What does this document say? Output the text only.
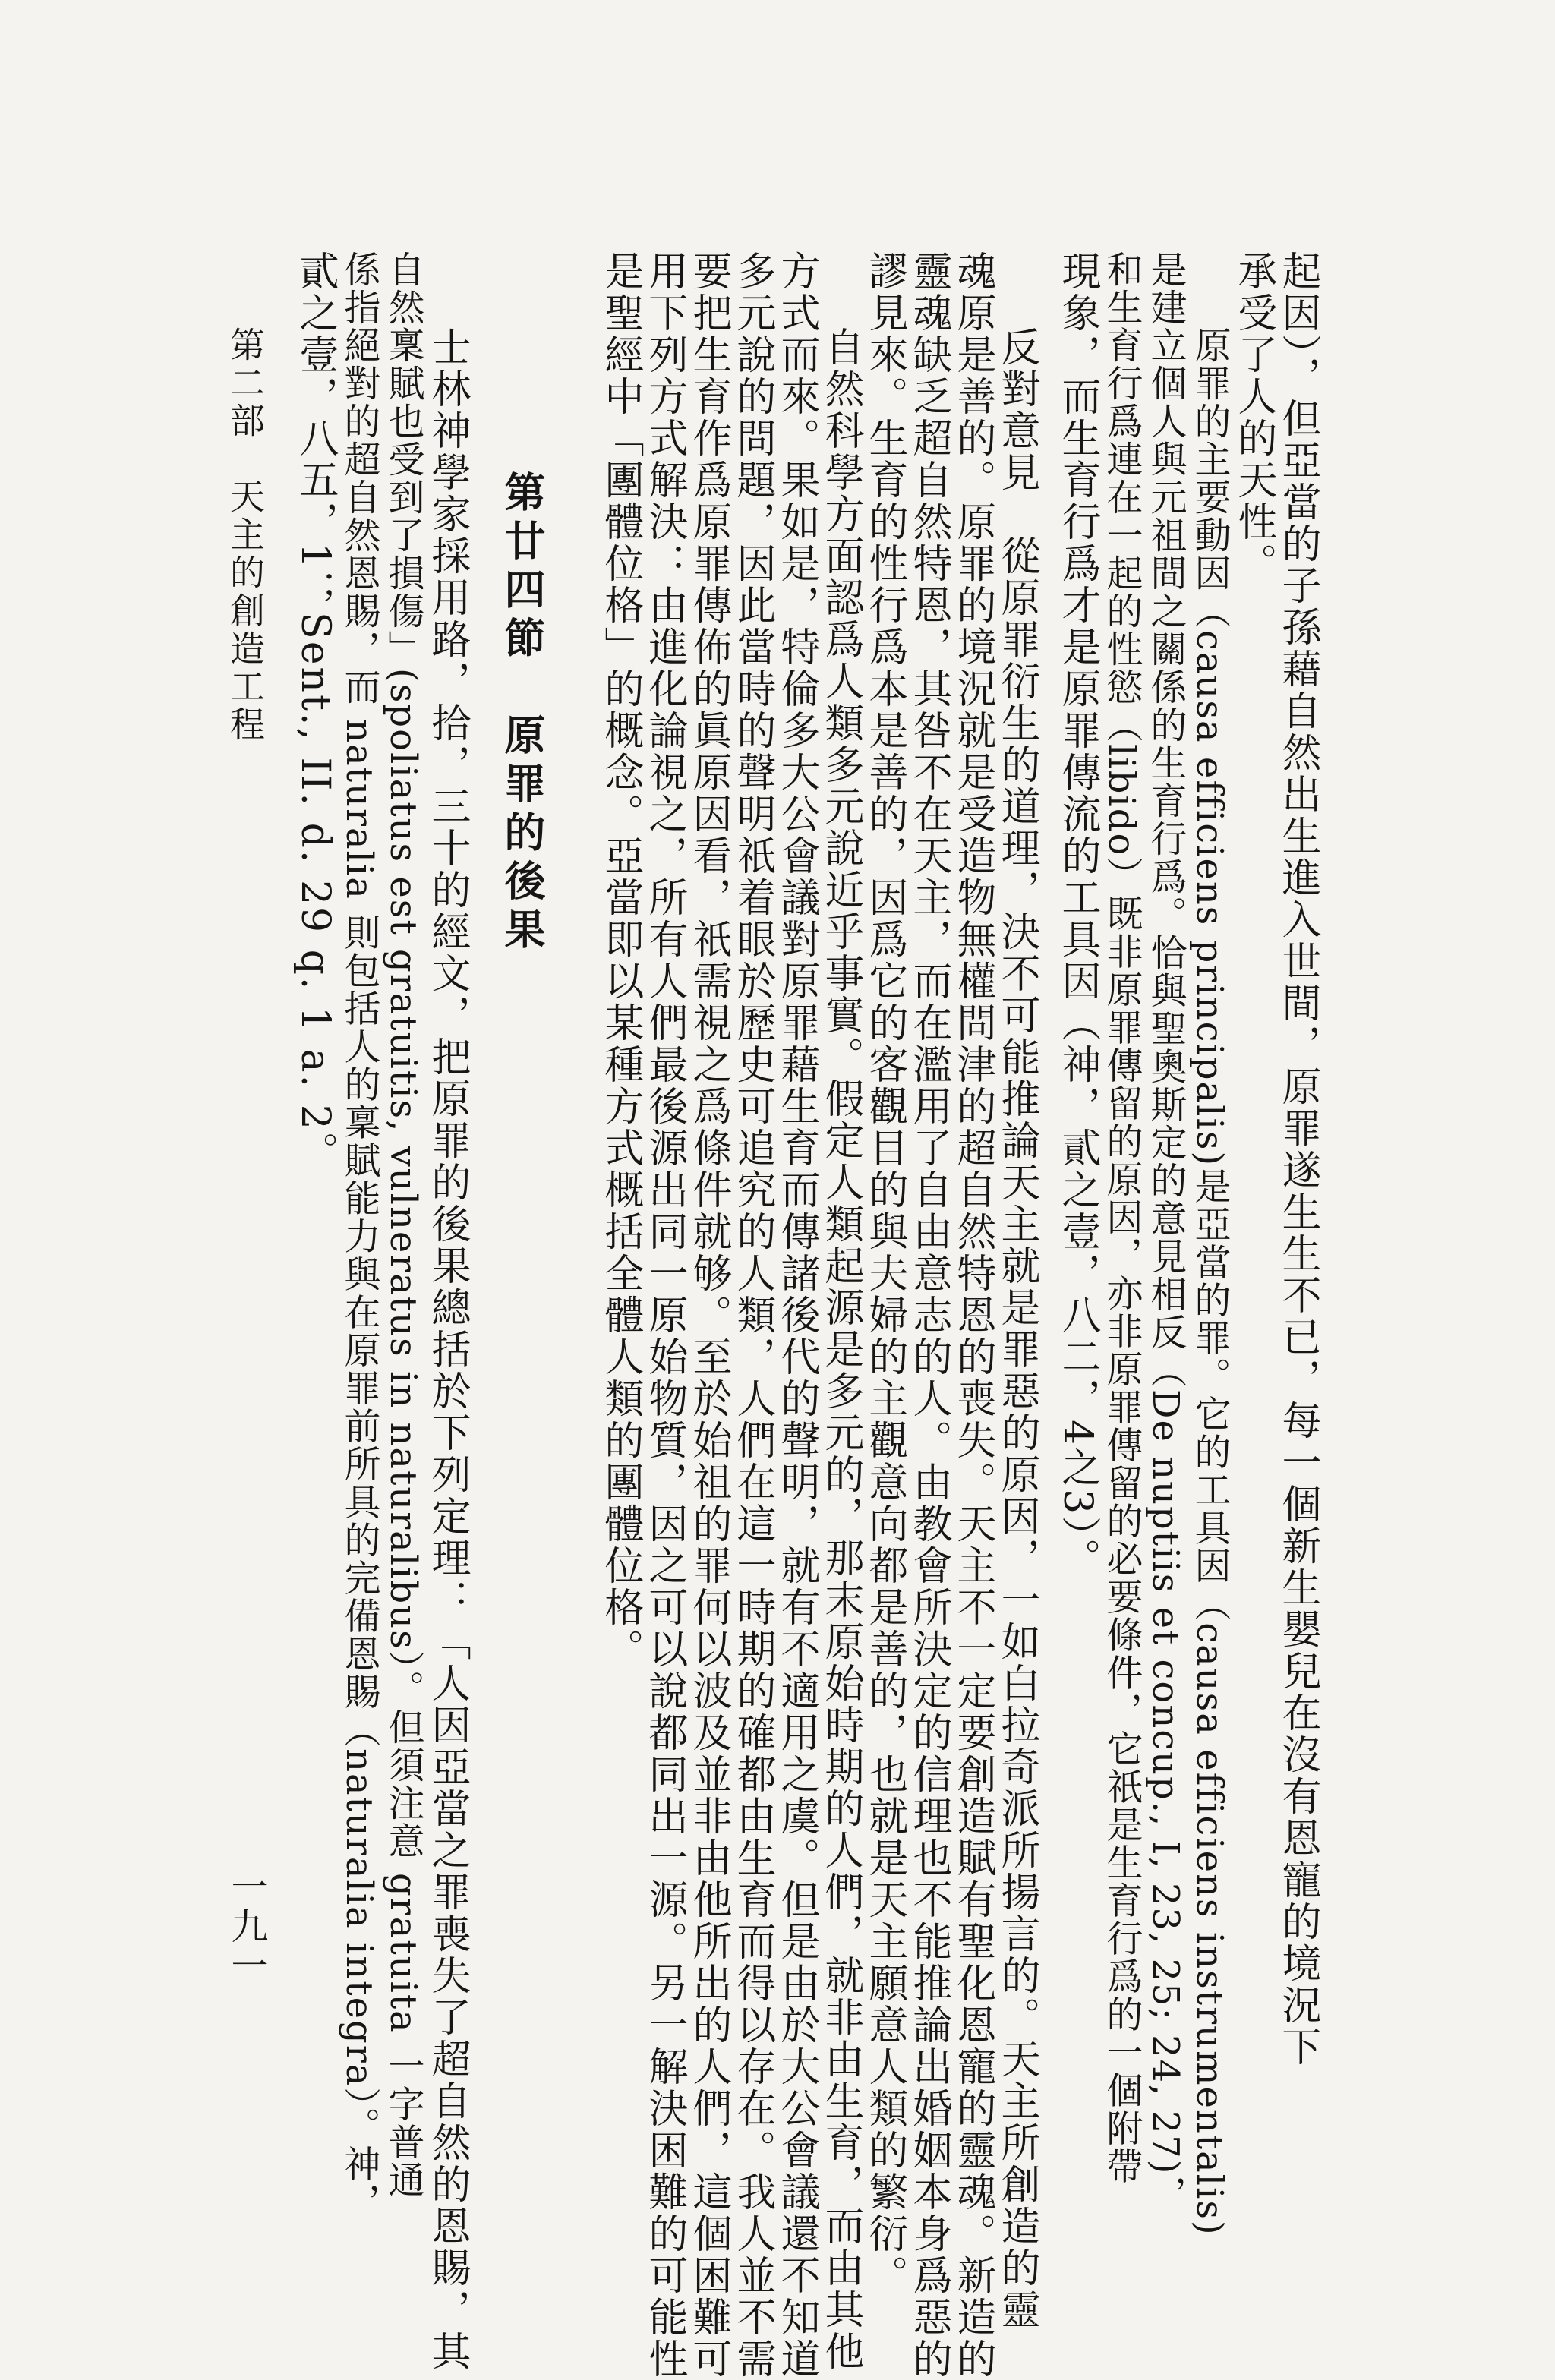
起因），但亞當的子孫藉自然出生進入世間，原罪遂生生不已，每一個新生嬰兒在沒有恩寵的境況下
承受了人的天性。
原罪的主要動因（causa efficiens principalis)是亞當的罪。它的工具因（causa efficiens instrumentalis)
是建立個人與元祖間之關係的生育行爲。恰與聖奧斯定的意見相反（De nuptiis et concup., I, 23, 25; 24, 27)，
和生育行爲連在一起的性慾（libido）既非原罪傳留的原因，亦非原罪傳留的必要條件，它祇是生育行爲的一個附帶
現象，而生育行爲才是原罪傳流的工具因（神，貳之壹，八二，4之3）。
反對意見　從原罪衍生的道理，決不可能推論天主就是罪惡的原因，一如白拉奇派所揚言的。天主所創造的靈
魂原是善的。原罪的境況就是受造物無權問津的超自然特恩的喪失。天主不一定要創造賦有聖化恩寵的靈魂。新造的
靈魂缺乏超自然特恩，其咎不在天主，而在濫用了自由意志的人。由教會所決定的信理也不能推論出婚姻本身爲惡的
謬見來。生育的性行爲本是善的，因爲它的客觀目的與夫婦的主觀意向都是善的，也就是天主願意人類的繁衍。
自然科學方面認爲人類多元說近乎事實。假定人類起源是多元的，那末原始時期的人們，就非由生育，而由其他
方式而來。果如是，特倫多大公會議對原罪藉生育而傳諸後代的聲明，就有不適用之虞。但是由於大公會議還不知道
多元說的問題，因此當時的聲明祇着眼於歷史可追究的人類，人們在這一時期的確都由生育而得以存在。我人並不需
要把生育作爲原罪傳佈的眞原因看，祇需視之爲條件就够。至於始祖的罪何以波及並非由他所出的人們，這個困難可
用下列方式解決：由進化論視之，所有人們最後源出同一原始物質，因之可以說都同出一源。另一解決困難的可能性
是聖經中「團體位格」的概念。亞當即以某種方式概括全體人類的團體位格。
第廿四節　原罪的後果
士林神學家採用路，拾，三十的經文，把原罪的後果總括於下列定理：「人因亞當之罪喪失了超自然的恩賜，其
自然稟賦也受到了損傷」(spoliatus est gratuitis, vulneratus in naturalibus）。但須注意 gratuita 一字普通
係指絕對的超自然恩賜，而 naturalia 則包括人的稟賦能力與在原罪前所具的完備恩賜（naturalia integra）。神，
貳之壹，八五，1；Sent., II. d. 29 q. 1 a. 2。
第二部　天主的創造工程
一九一
